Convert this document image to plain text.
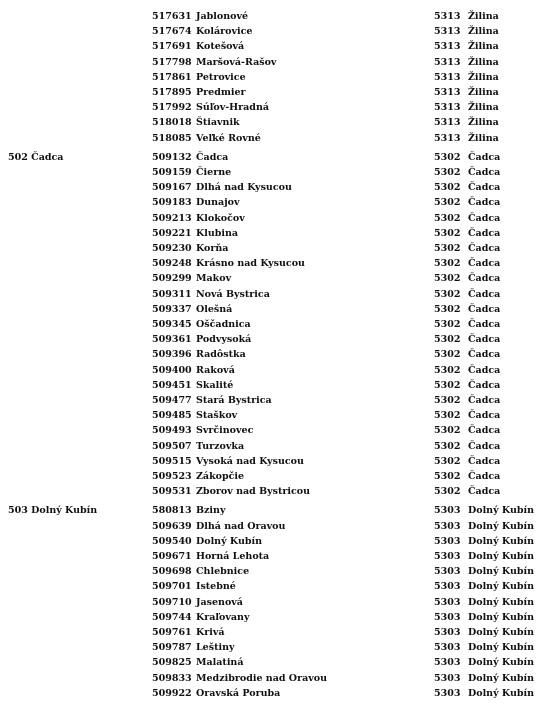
517631 Jablonové	5313 Žilina
517674 Kolárovice	5313 Žilina
517691 Kotešová	5313 Žilina
517798 Maršová-Rašov	5313 Žilina
517861 Petrovice	5313 Žilina
517895 Predmier	5313 Žilina
517992 Súľov-Hradná	5313 Žilina
518018 Štiavnik	5313 Žilina
518085 Veľké Rovné	5313 Žilina
502 Čadca	509132 Čadca	5302 Čadca
509159 Čierne	5302 Čadca
509167 Dlhá nad Kysucou	5302 Čadca
509183 Dunajov	5302 Čadca
509213 Klokočov	5302 Čadca
509221 Klubina	5302 Čadca
509230 Korňa	5302 Čadca
509248 Krásno nad Kysucou	5302 Čadca
509299 Makov	5302 Čadca
509311 Nová Bystrica	5302 Čadca
509337 Olešná	5302 Čadca
509345 Oščadnica	5302 Čadca
509361 Podvysoká	5302 Čadca
509396 Radôstka	5302 Čadca
509400 Raková	5302 Čadca
509451 Skalité	5302 Čadca
509477 Stará Bystrica	5302 Čadca
509485 Staškov	5302 Čadca
509493 Svrčinovec	5302 Čadca
509507 Turzovka	5302 Čadca
509515 Vysoká nad Kysucou	5302 Čadca
509523 Zákopčie	5302 Čadca
509531 Zborov nad Bystricou	5302 Čadca
503 Dolný Kubín	580813 Bziny	5303 Dolný Kubín
509639 Dlhá nad Oravou	5303 Dolný Kubín
509540 Dolný Kubín	5303 Dolný Kubín
509671 Horná Lehota	5303 Dolný Kubín
509698 Chlebnice	5303 Dolný Kubín
509701 Istebné	5303 Dolný Kubín
509710 Jasenová	5303 Dolný Kubín
509744 Kraľovany	5303 Dolný Kubín
509761 Krivá	5303 Dolný Kubín
509787 Leštiny	5303 Dolný Kubín
509825 Malatiná	5303 Dolný Kubín
509833 Medzibrodie nad Oravou	5303 Dolný Kubín
509922 Oravská Poruba	5303 Dolný Kubín
